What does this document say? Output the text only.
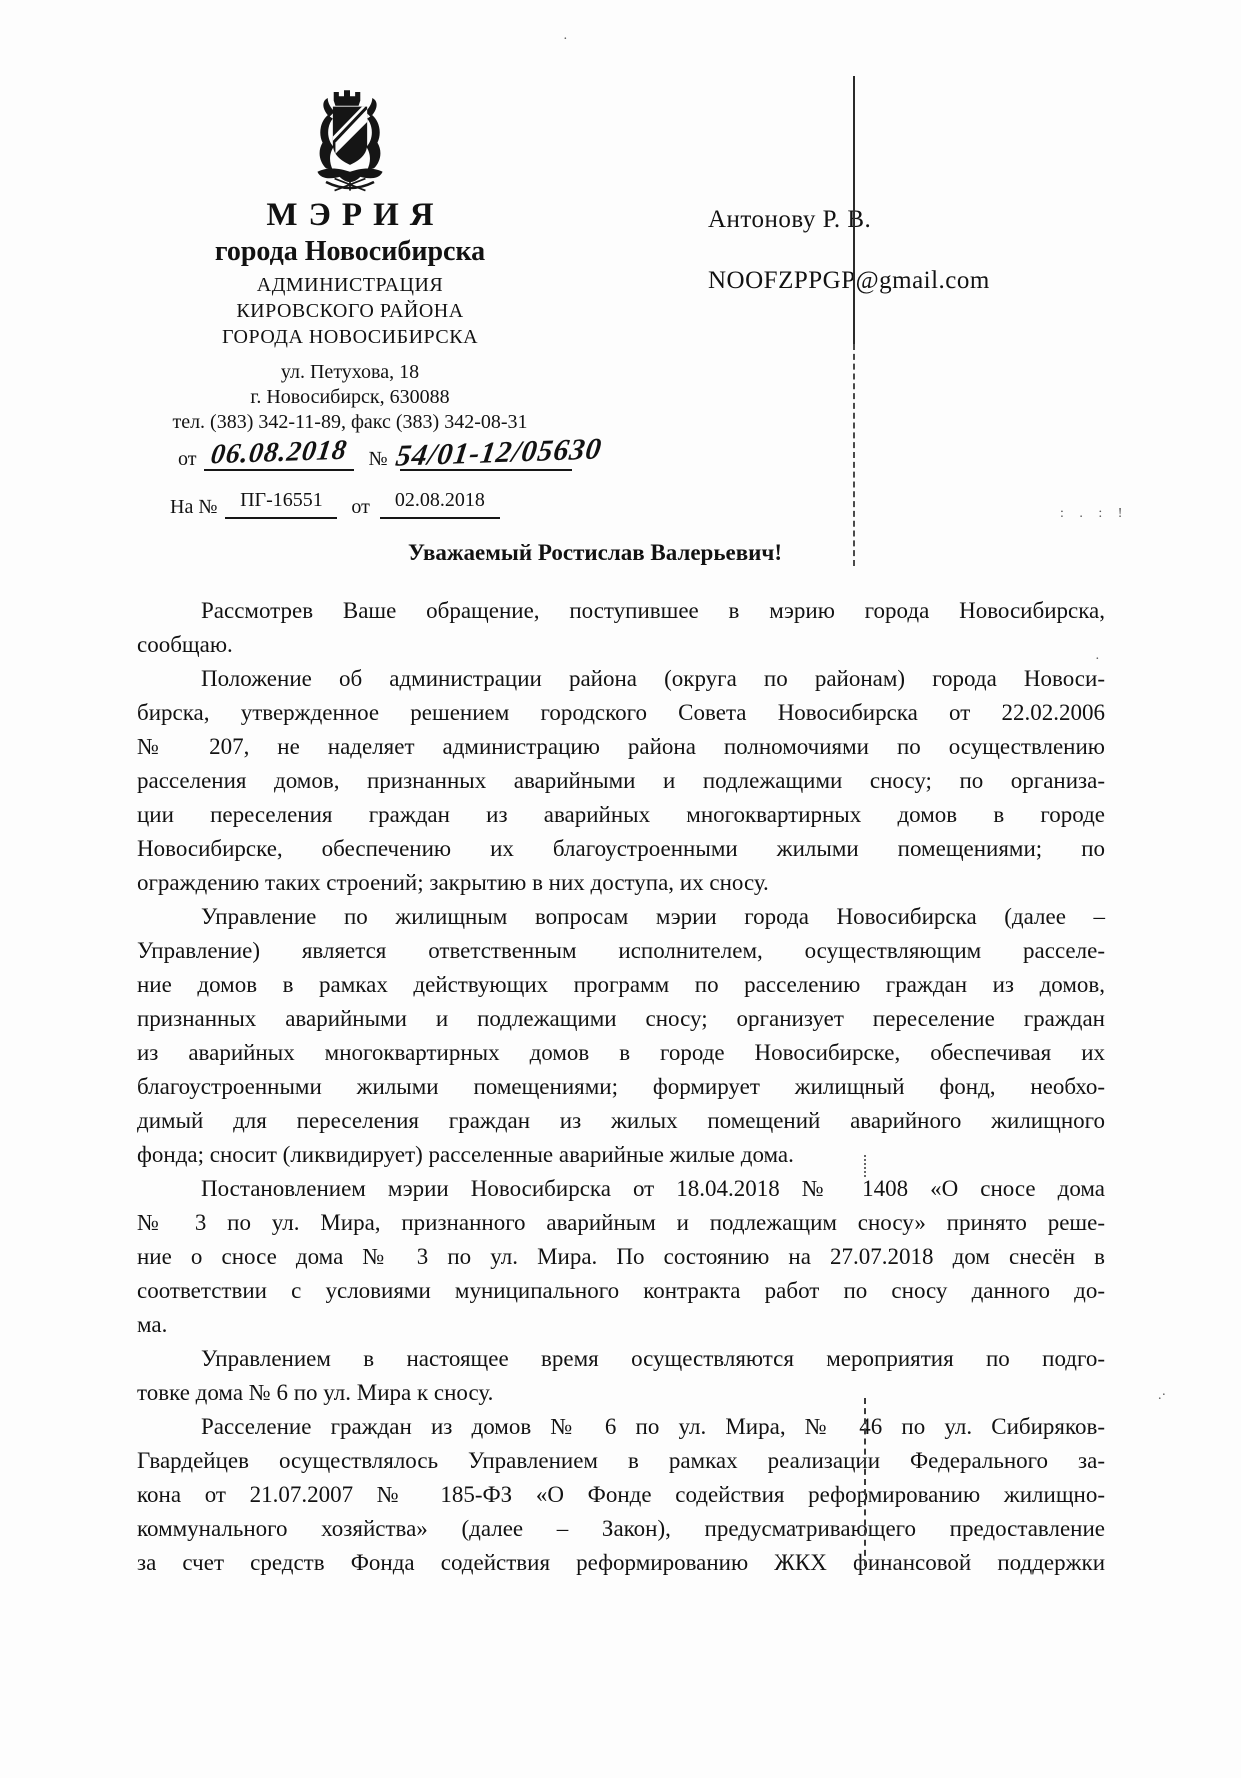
МЭРИЯ
города Новосибирска
АДМИНИСТРАЦИЯ
КИРОВСКОГО РАЙОНА
ГОРОДА НОВОСИБИРСКА
ул. Петухова, 18
г. Новосибирск, 630088
тел. (383) 342-11-89, факс (383) 342-08-31
от 06.08.2018 № 54/01-12/05630
На № ПГ-16551 от 02.08.2018
Антонову Р. В.
NOOFZPPGP@gmail.com
Уважаемый Ростислав Валерьевич!
Рассмотрев Ваше обращение, поступившее в мэрию города Новосибирска,
сообщаю.
Положение об администрации района (округа по районам) города Новоси-
бирска, утвержденное решением городского Совета Новосибирска от 22.02.2006
№ 207, не наделяет администрацию района полномочиями по осуществлению
расселения домов, признанных аварийными и подлежащими сносу; по организа-
ции переселения граждан из аварийных многоквартирных домов в городе
Новосибирске, обеспечению их благоустроенными жилыми помещениями; по
ограждению таких строений; закрытию в них доступа, их сносу.
Управление по жилищным вопросам мэрии города Новосибирска (далее –
Управление) является ответственным исполнителем, осуществляющим расселе-
ние домов в рамках действующих программ по расселению граждан из домов,
признанных аварийными и подлежащими сносу; организует переселение граждан
из аварийных многоквартирных домов в городе Новосибирске, обеспечивая их
благоустроенными жилыми помещениями; формирует жилищный фонд, необхо-
димый для переселения граждан из жилых помещений аварийного жилищного
фонда; сносит (ликвидирует) расселенные аварийные жилые дома.
Постановлением мэрии Новосибирска от 18.04.2018 № 1408 «О сносе дома
№ 3 по ул. Мира, признанного аварийным и подлежащим сносу» принято реше-
ние о сносе дома № 3 по ул. Мира. По состоянию на 27.07.2018 дом снесён в
соответствии с условиями муниципального контракта работ по сносу данного до-
ма.
Управлением в настоящее время осуществляются мероприятия по подго-
товке дома № 6 по ул. Мира к сносу.
Расселение граждан из домов № 6 по ул. Мира, № 46 по ул. Сибиряков-
Гвардейцев осуществлялось Управлением в рамках реализации Федерального за-
кона от 21.07.2007 № 185-ФЗ «О Фонде содействия реформированию жилищно-
коммунального хозяйства» (далее – Закон), предусматривающего предоставление
за счет средств Фонда содействия реформированию ЖКХ финансовой поддержки
·
: . : !
.·
·
